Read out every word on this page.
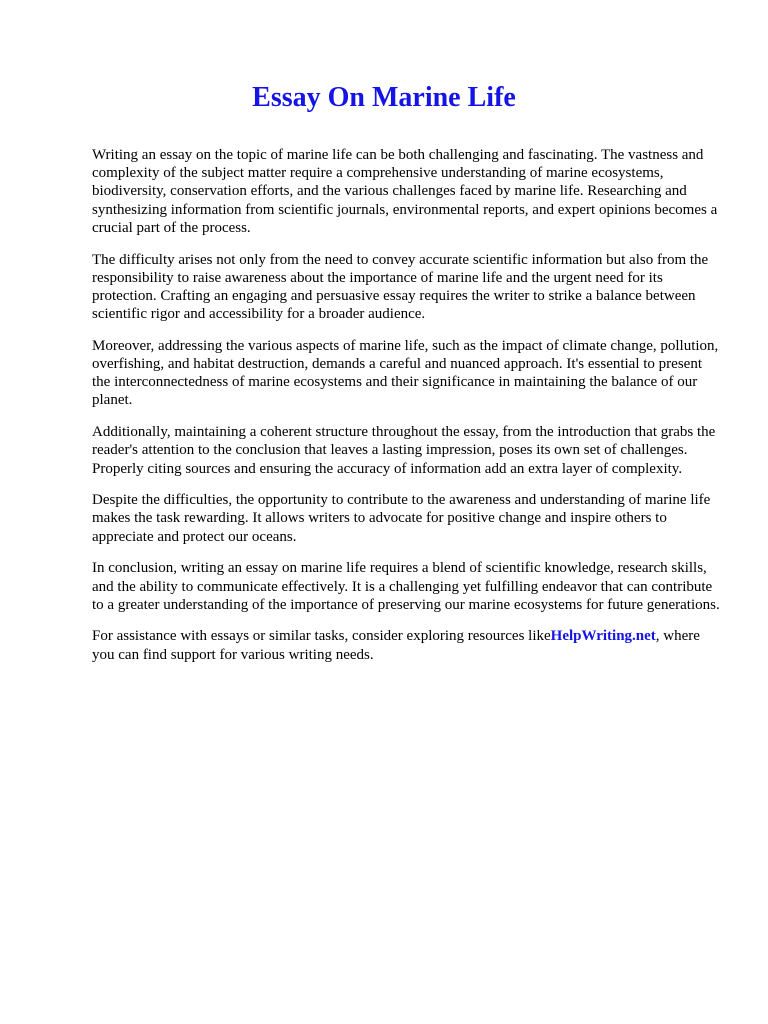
Essay On Marine Life

Writing an essay on the topic of marine life can be both challenging and fascinating. The vastness and complexity of the subject matter require a comprehensive understanding of marine ecosystems, biodiversity, conservation efforts, and the various challenges faced by marine life. Researching and synthesizing information from scientific journals, environmental reports, and expert opinions becomes a crucial part of the process.

The difficulty arises not only from the need to convey accurate scientific information but also from the responsibility to raise awareness about the importance of marine life and the urgent need for its protection. Crafting an engaging and persuasive essay requires the writer to strike a balance between scientific rigor and accessibility for a broader audience.

Moreover, addressing the various aspects of marine life, such as the impact of climate change, pollution, overfishing, and habitat destruction, demands a careful and nuanced approach. It's essential to present the interconnectedness of marine ecosystems and their significance in maintaining the balance of our planet.

Additionally, maintaining a coherent structure throughout the essay, from the introduction that grabs the reader's attention to the conclusion that leaves a lasting impression, poses its own set of challenges. Properly citing sources and ensuring the accuracy of information add an extra layer of complexity.

Despite the difficulties, the opportunity to contribute to the awareness and understanding of marine life makes the task rewarding. It allows writers to advocate for positive change and inspire others to appreciate and protect our oceans.

In conclusion, writing an essay on marine life requires a blend of scientific knowledge, research skills, and the ability to communicate effectively. It is a challenging yet fulfilling endeavor that can contribute to a greater understanding of the importance of preserving our marine ecosystems for future generations.

For assistance with essays or similar tasks, consider exploring resources likeHelpWriting.net, where you can find support for various writing needs.
